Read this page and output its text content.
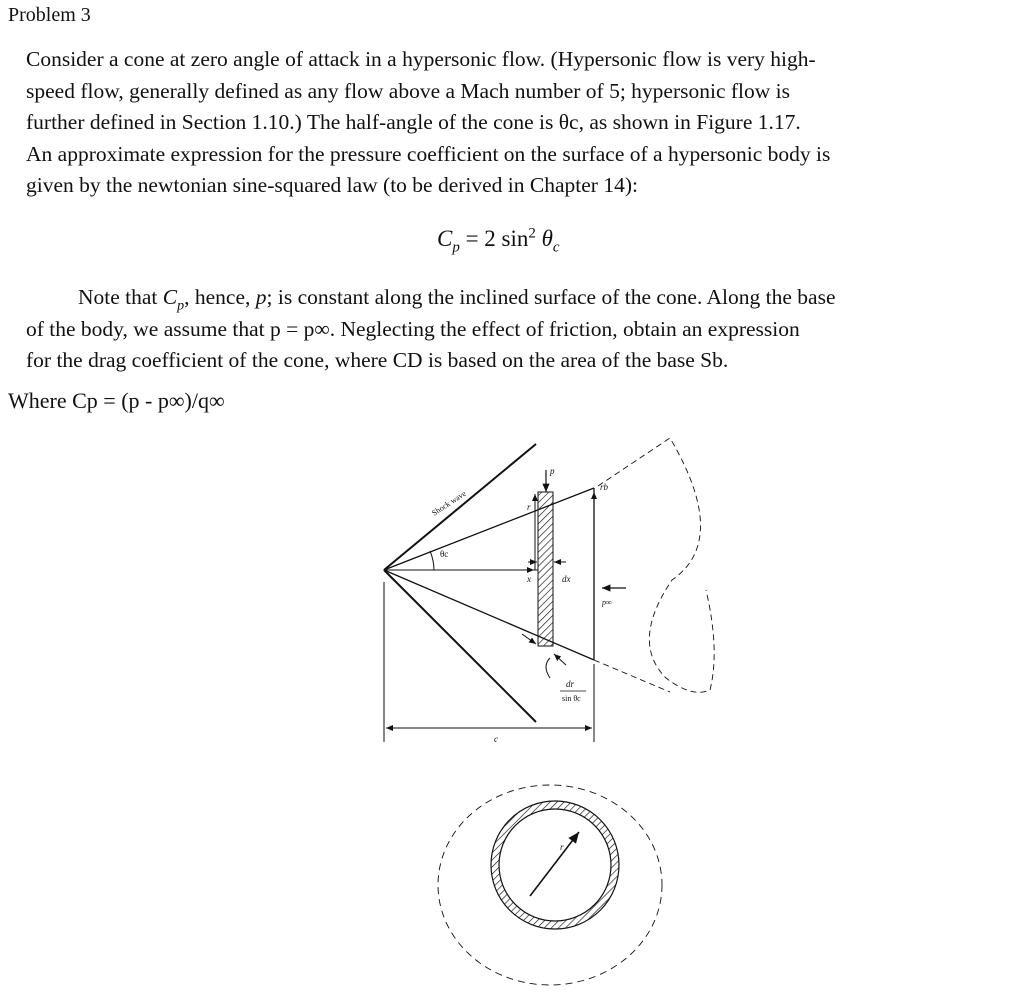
Problem 3
Consider a cone at zero angle of attack in a hypersonic flow. (Hypersonic flow is very high-
speed flow, generally defined as any flow above a Mach number of 5; hypersonic flow is
further defined in Section 1.10.) The half-angle of the cone is θc, as shown in Figure 1.17.
An approximate expression for the pressure coefficient on the surface of a hypersonic body is
given by the newtonian sine-squared law (to be derived in Chapter 14):
$C_p = 2$ $\sin^2 \theta_c$
Note that $C_p$, hence, p; is constant along the inclined surface of the cone. Along the base
of the body, we assume that p = p∞. Neglecting the effect of friction, obtain an expression
for the drag coefficient of the cone, where CD is based on the area of the base Sb.
Where Cp = (p - p∞)/q∞
θc
p
r
x	dx
rb
p∞
dr
sin θc
c
r
Shock wave
